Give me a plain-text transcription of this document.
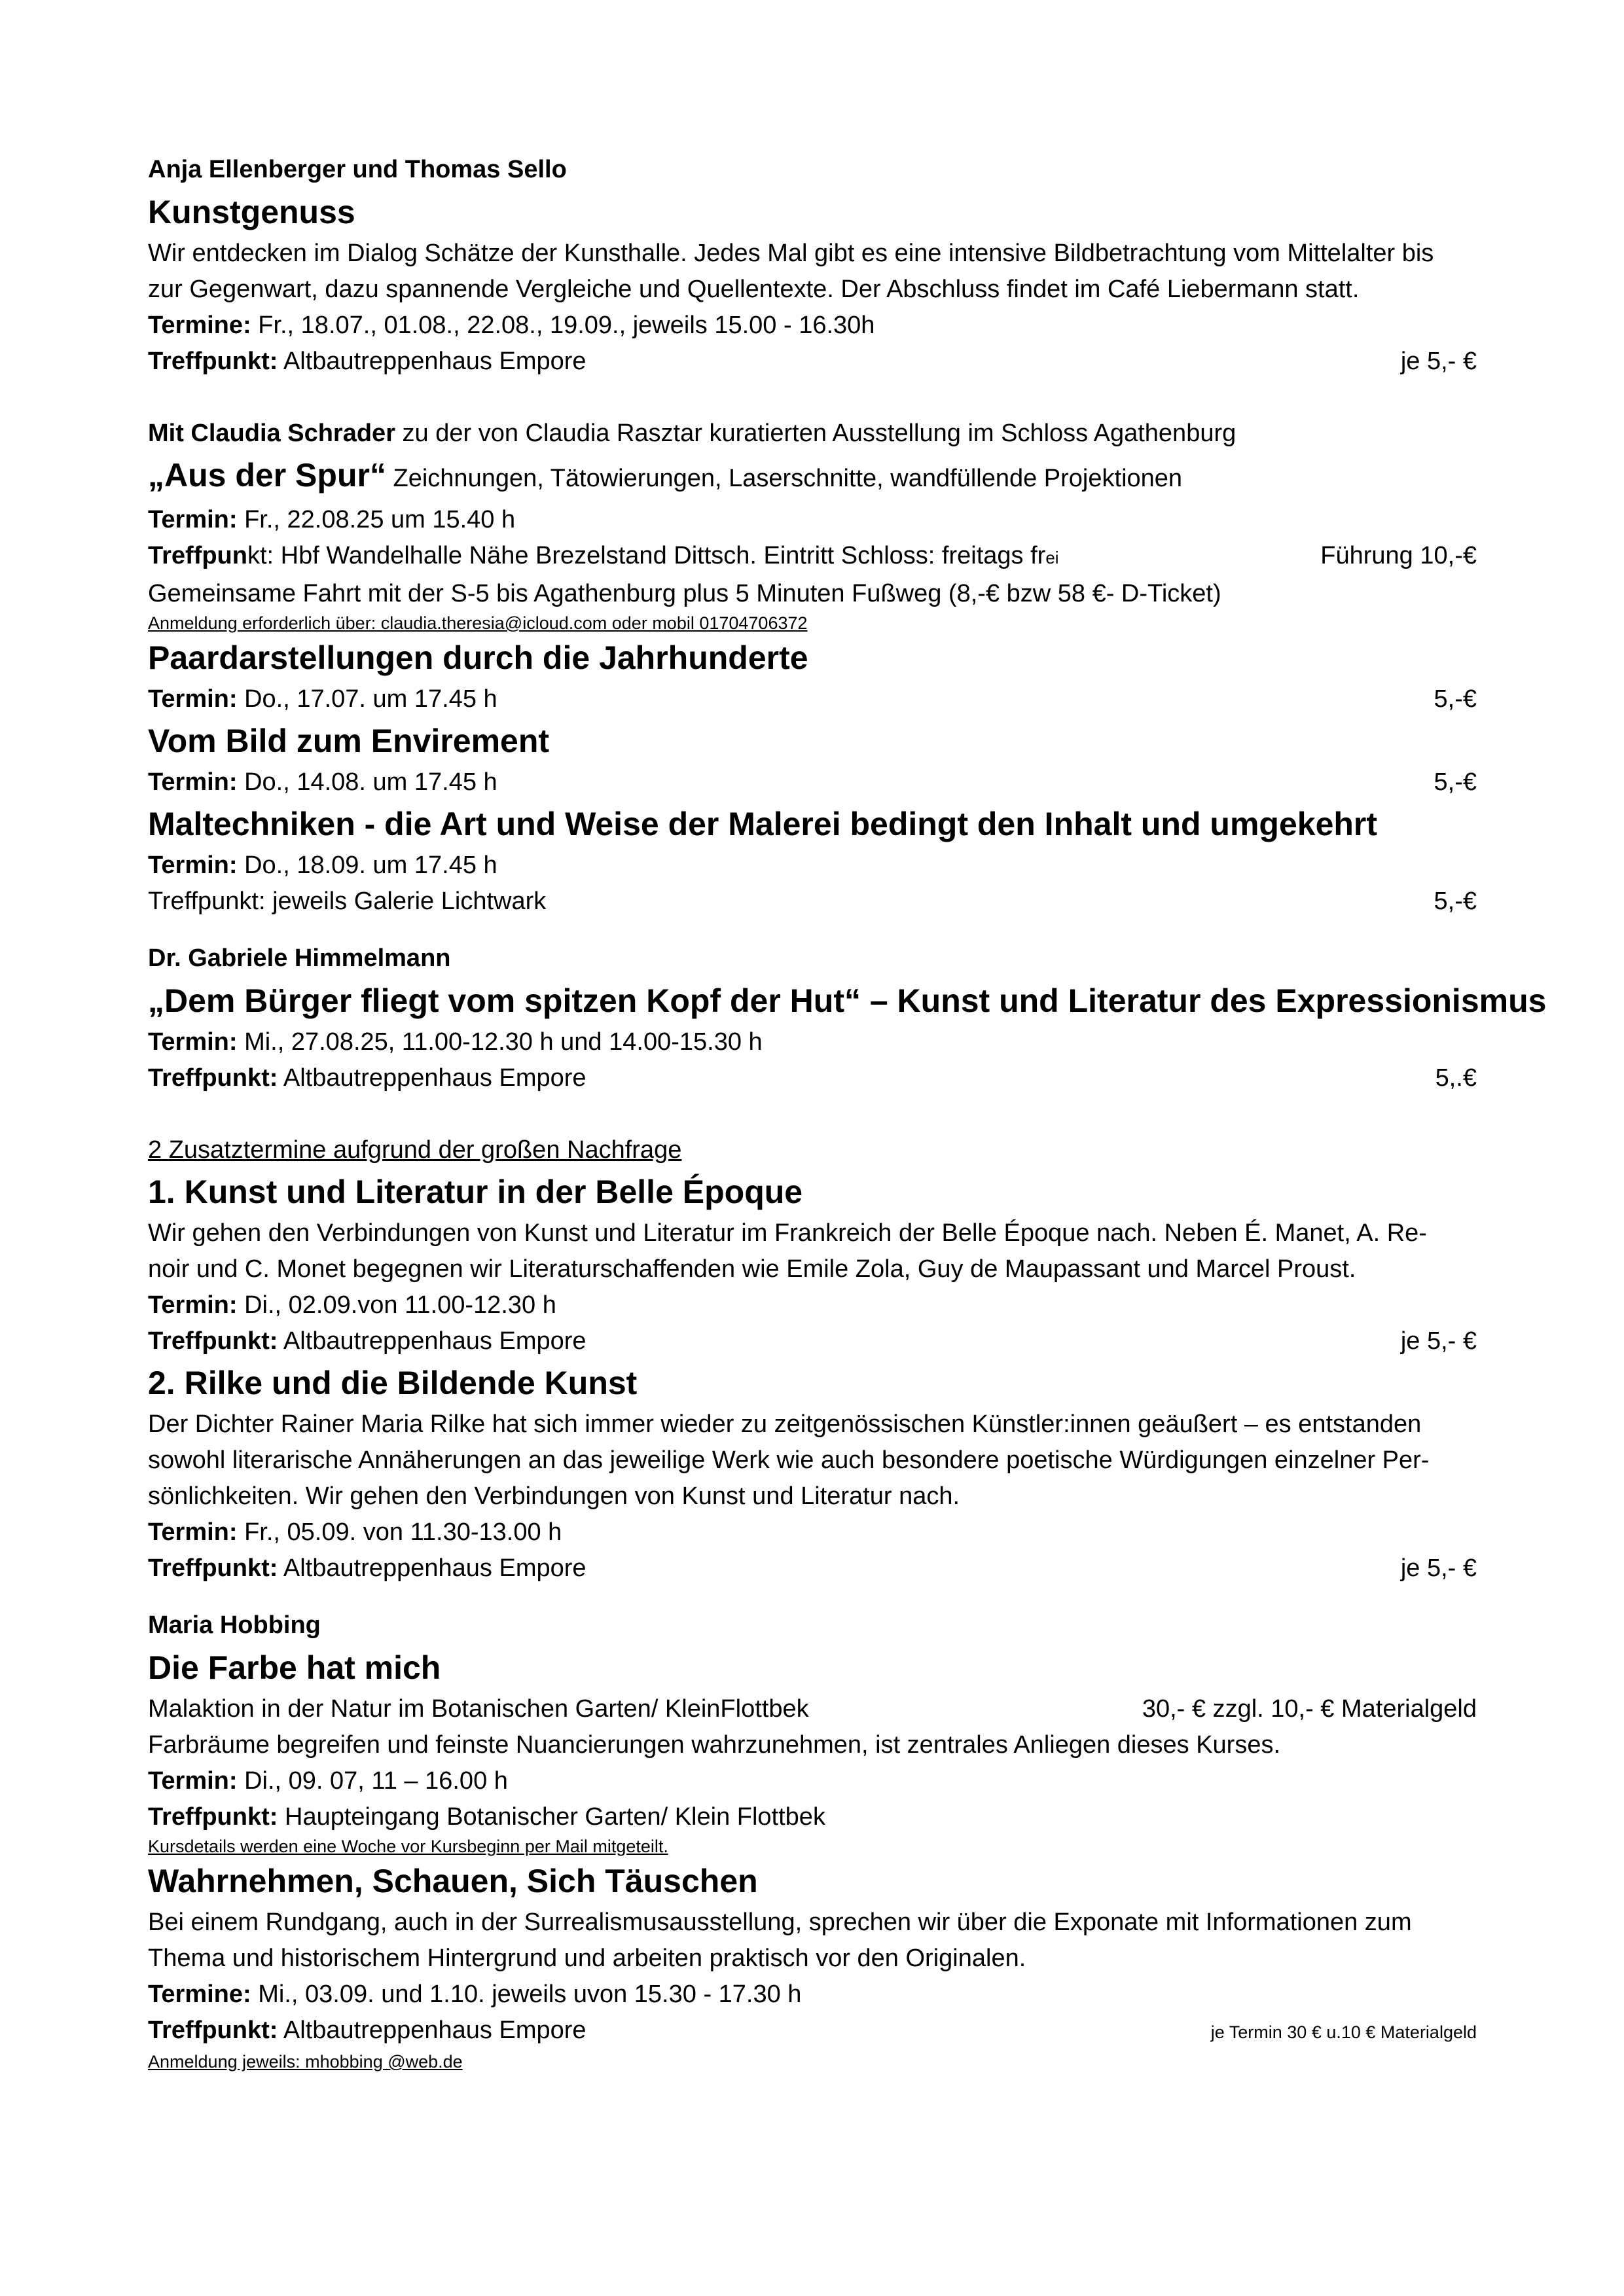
Anja Ellenberger und Thomas Sello
Kunstgenuss
Wir entdecken im Dialog Schätze der Kunsthalle. Jedes Mal gibt es eine intensive Bildbetrachtung vom Mittelalter bis
zur Gegenwart, dazu spannende Vergleiche und Quellentexte. Der Abschluss findet im Café Liebermann statt.
Termine: Fr., 18.07., 01.08., 22.08., 19.09., jeweils 15.00 - 16.30h
Treffpunkt: Altbautreppenhaus Empore	je 5,- €
Mit Claudia Schrader zu der von Claudia Rasztar kuratierten Ausstellung im Schloss Agathenburg
„Aus der Spur“ Zeichnungen, Tätowierungen, Laserschnitte, wandfüllende Projektionen
Termin: Fr., 22.08.25 um 15.40 h
Treffpunkt: Hbf Wandelhalle Nähe Brezelstand Dittsch. Eintritt Schloss: freitags frei	Führung 10,-€
Gemeinsame Fahrt mit der S-5 bis Agathenburg plus 5 Minuten Fußweg (8,-€ bzw 58 €- D-Ticket)
Anmeldung erforderlich über: claudia.theresia@icloud.com oder mobil 01704706372
Paardarstellungen durch die Jahrhunderte
Termin: Do., 17.07. um 17.45 h	5,-€
Vom Bild zum Envirement
Termin: Do., 14.08. um 17.45 h	5,-€
Maltechniken - die Art und Weise der Malerei bedingt den Inhalt und umgekehrt
Termin: Do., 18.09. um 17.45 h
Treffpunkt: jeweils Galerie Lichtwark	5,-€
Dr. Gabriele Himmelmann
„Dem Bürger fliegt vom spitzen Kopf der Hut“ – Kunst und Literatur des Expressionismus
Termin: Mi., 27.08.25, 11.00-12.30 h und 14.00-15.30 h
Treffpunkt: Altbautreppenhaus Empore	5,.€
2 Zusatztermine aufgrund der großen Nachfrage
1. Kunst und Literatur in der Belle Époque
Wir gehen den Verbindungen von Kunst und Literatur im Frankreich der Belle Époque nach. Neben É. Manet, A. Re-
noir und C. Monet begegnen wir Literaturschaffenden wie Emile Zola, Guy de Maupassant und Marcel Proust.
Termin: Di., 02.09.von 11.00-12.30 h
Treffpunkt: Altbautreppenhaus Empore	je 5,- €
2. Rilke und die Bildende Kunst
Der Dichter Rainer Maria Rilke hat sich immer wieder zu zeitgenössischen Künstler:innen geäußert – es entstanden
sowohl literarische Annäherungen an das jeweilige Werk wie auch besondere poetische Würdigungen einzelner Per-
sönlichkeiten. Wir gehen den Verbindungen von Kunst und Literatur nach.
Termin: Fr., 05.09. von 11.30-13.00 h
Treffpunkt: Altbautreppenhaus Empore	je 5,- €
Maria Hobbing
Die Farbe hat mich
Malaktion in der Natur im Botanischen Garten/ KleinFlottbek	30,- € zzgl. 10,- € Materialgeld
Farbräume begreifen und feinste Nuancierungen wahrzunehmen, ist zentrales Anliegen dieses Kurses.
Termin: Di., 09. 07, 11 – 16.00 h
Treffpunkt: Haupteingang Botanischer Garten/ Klein Flottbek
Kursdetails werden eine Woche vor Kursbeginn per Mail mitgeteilt.
Wahrnehmen, Schauen, Sich Täuschen
Bei einem Rundgang, auch in der Surrealismusausstellung, sprechen wir über die Exponate mit Informationen zum
Thema und historischem Hintergrund und arbeiten praktisch vor den Originalen.
Termine: Mi., 03.09. und 1.10. jeweils uvon 15.30 - 17.30 h
Treffpunkt: Altbautreppenhaus Empore	je Termin 30 € u.10 € Materialgeld
Anmeldung jeweils: mhobbing @web.de
